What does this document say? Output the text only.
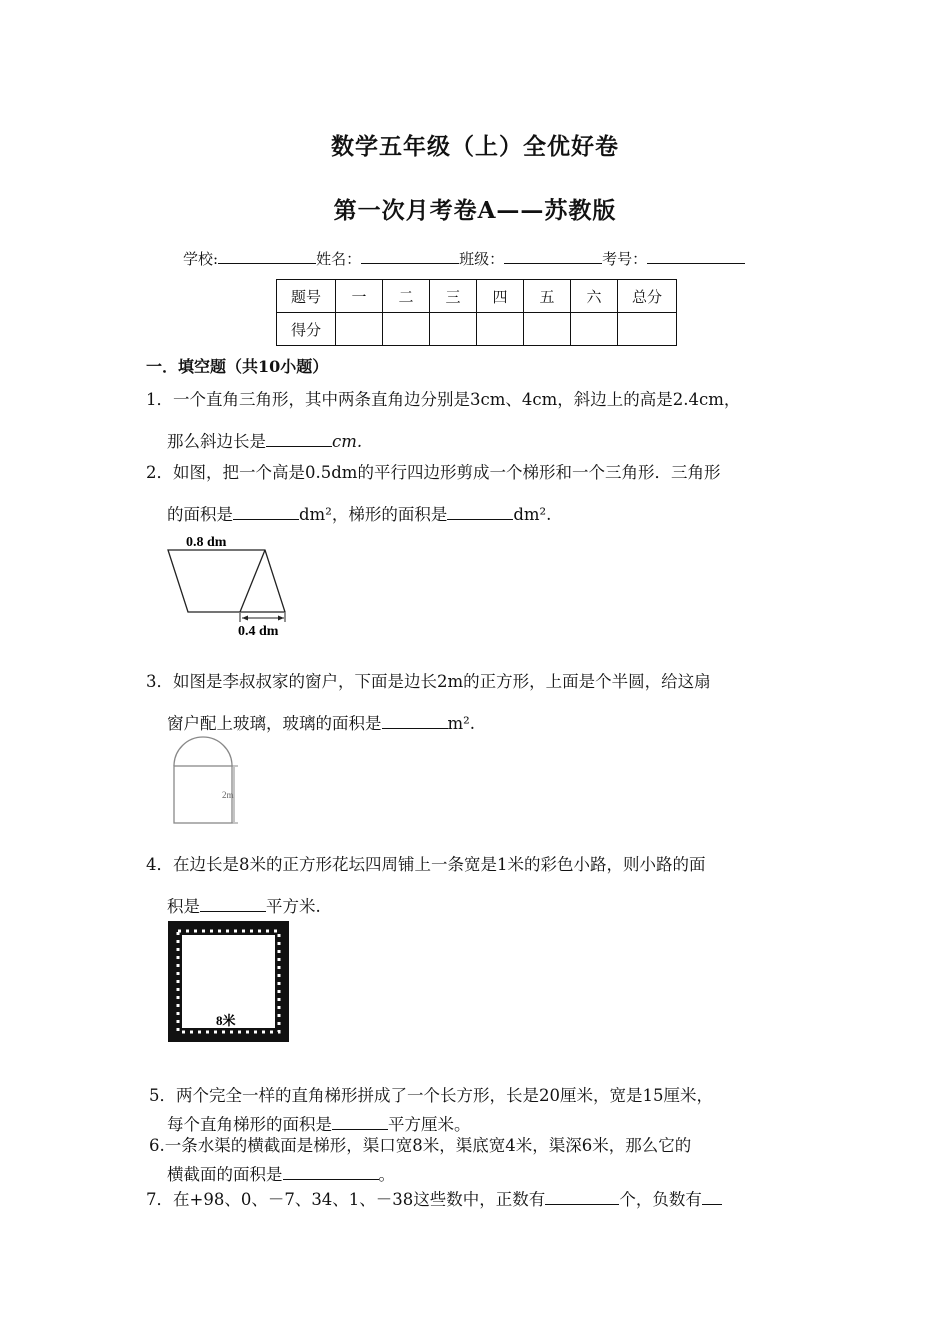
数学五年级（上）全优好卷
第一次月考卷A——苏教版
学校:	姓名：	班级：	考号：
题号	一	二	三	四	五	六	总分
得分							
一．填空题（共10小题）
1．一个直角三角形，其中两条直角边分别是3cm、4cm，斜边上的高是2.4cm，
那么斜边长是	cm.
2．如图，把一个高是0.5dm的平行四边形剪成一个梯形和一个三角形．三角形
的面积是	dm²，梯形的面积是	dm².
0.8 dm
0.4 dm
3．如图是李叔叔家的窗户，下面是边长2m的正方形，上面是个半圆，给这扇
窗户配上玻璃，玻璃的面积是	m².
2m
4．在边长是8米的正方形花坛四周铺上一条宽是1米的彩色小路，则小路的面
积是	平方米.
8米
5．两个完全一样的直角梯形拼成了一个长方形，长是20厘米，宽是15厘米，
每个直角梯形的面积是	平方厘米。
6.一条水渠的横截面是梯形，渠口宽8米，渠底宽4米，渠深6米，那么它的
横截面的面积是	。
7．在+98、0、－7、34、1、－38这些数中，正数有	个，负数有
